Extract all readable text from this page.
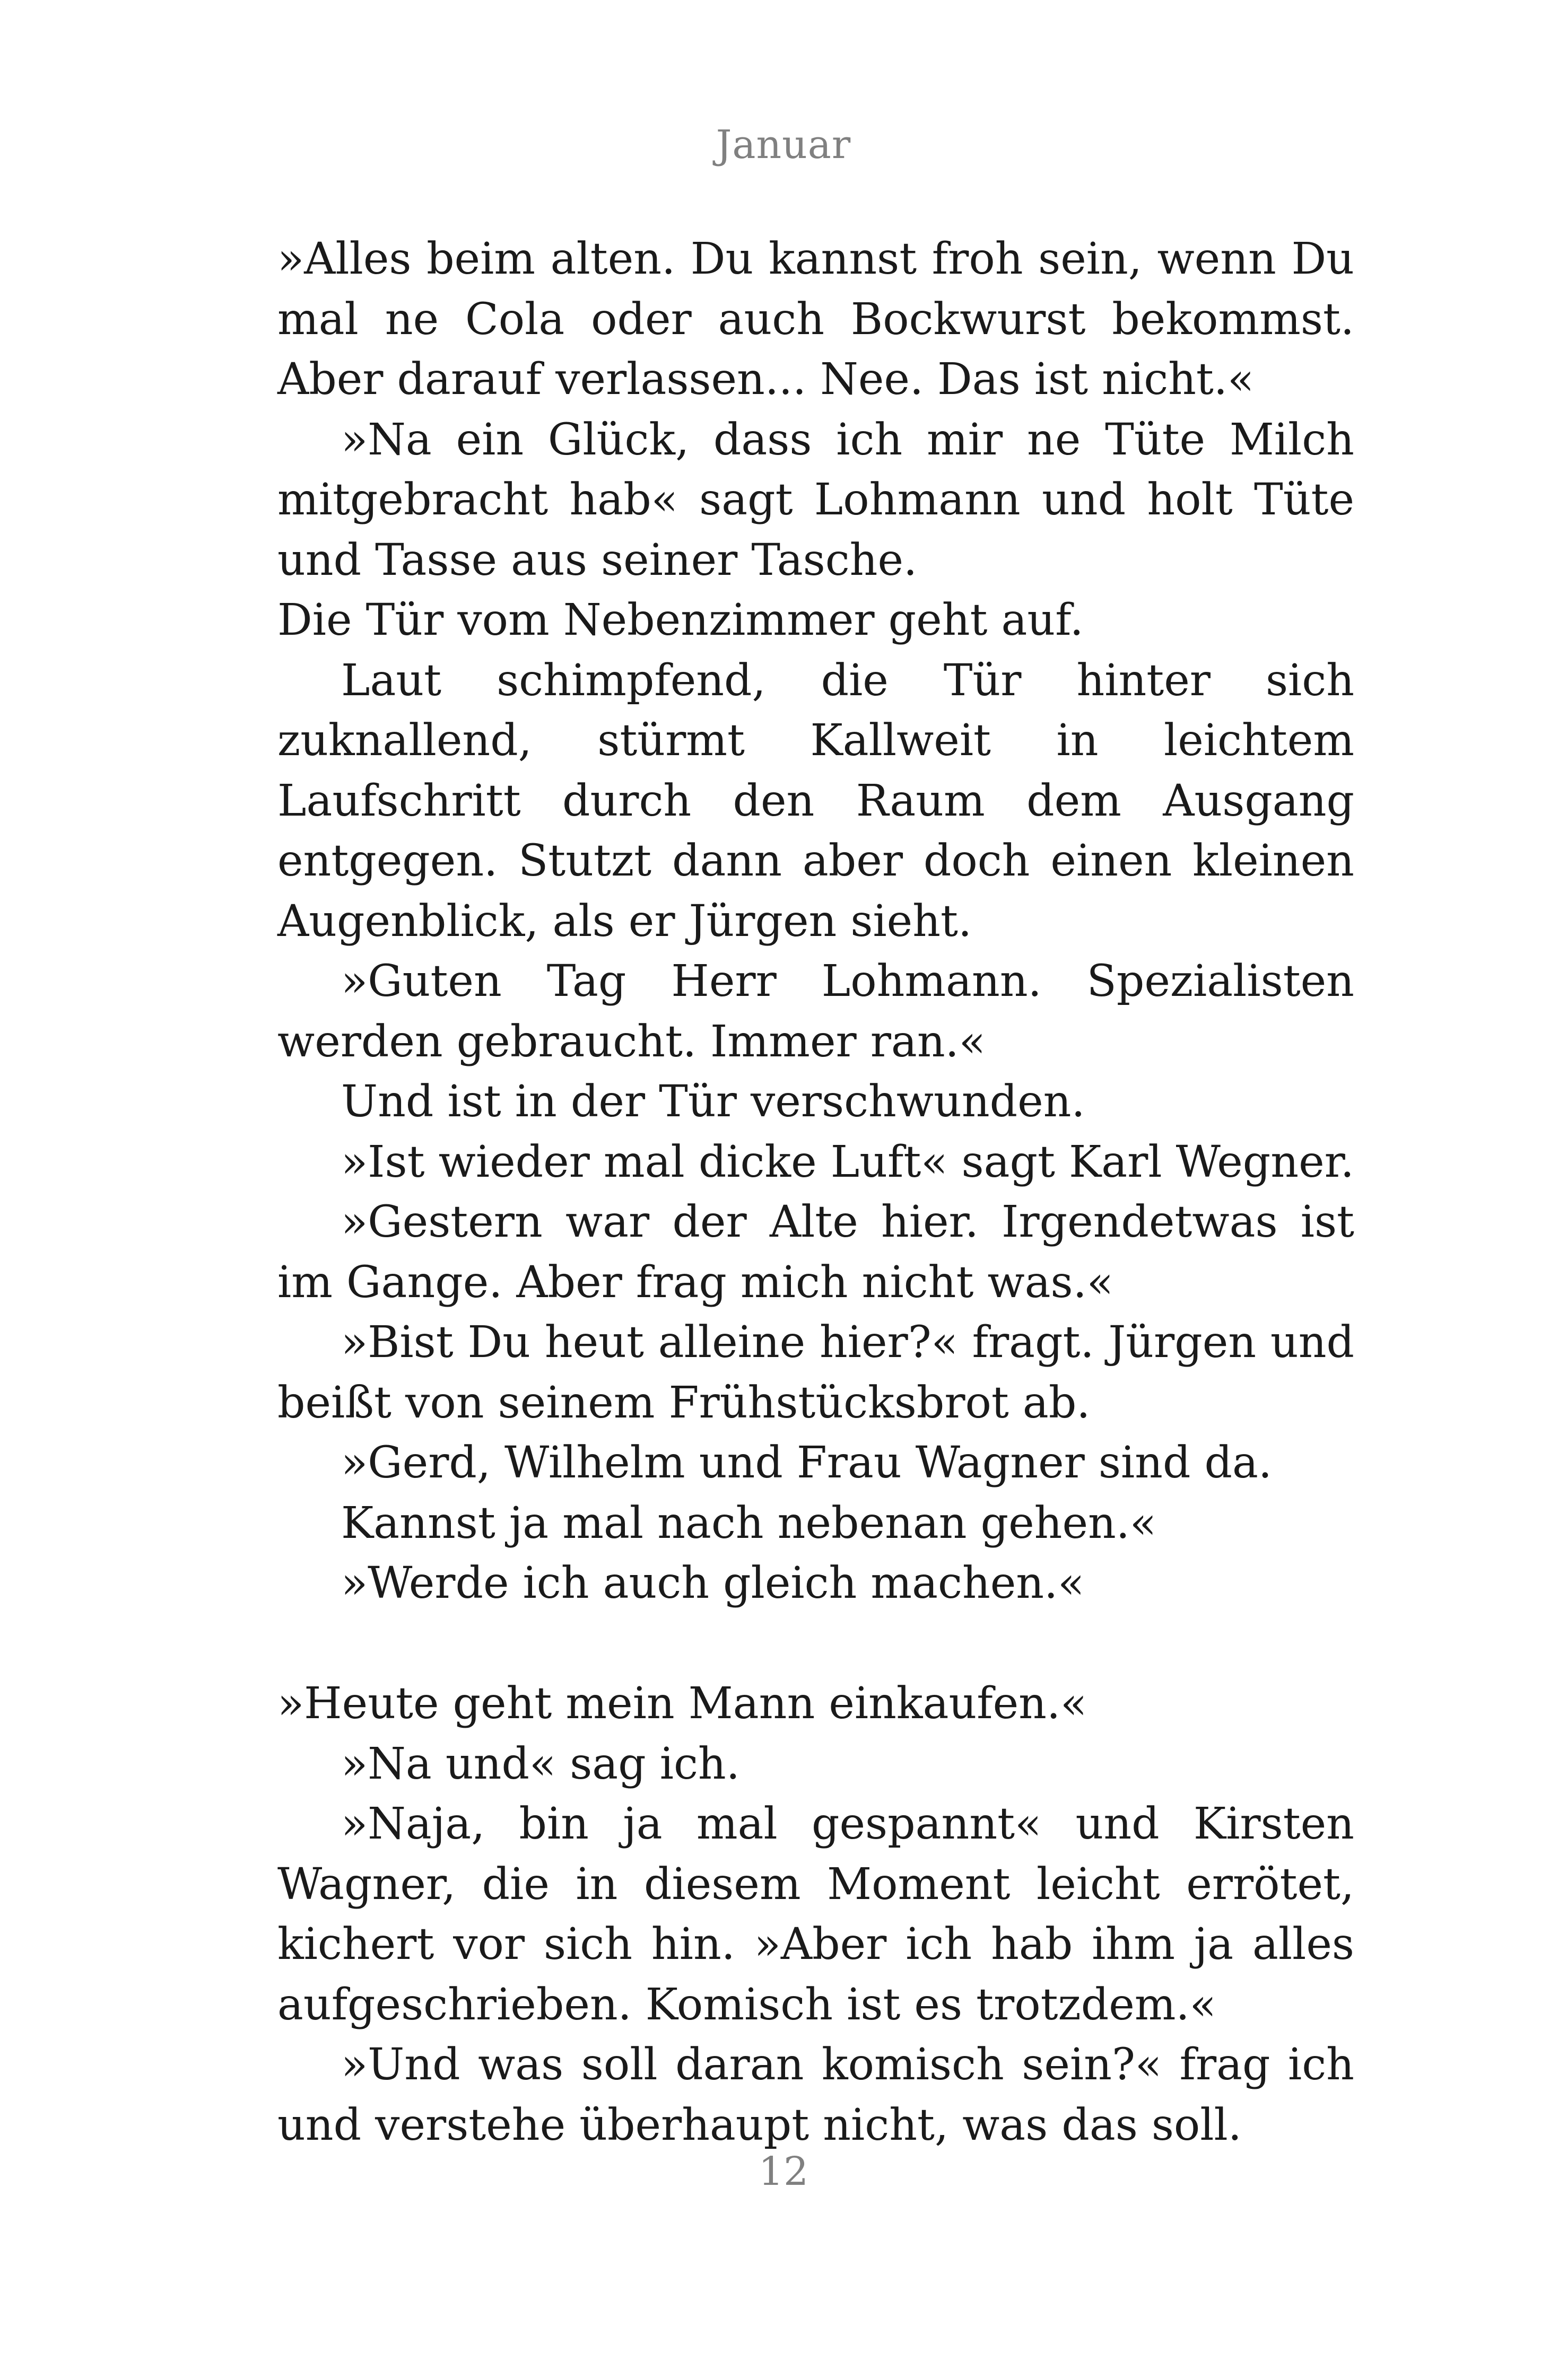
Januar

»Alles beim alten. Du kannst froh sein, wenn Du mal ne Cola oder auch Bockwurst bekommst. Aber darauf verlassen... Nee. Das ist nicht.«

»Na ein Glück, dass ich mir ne Tüte Milch mitgebracht hab« sagt Lohmann und holt Tüte und Tasse aus seiner Tasche.

Die Tür vom Nebenzimmer geht auf.

Laut schimpfend, die Tür hinter sich zuknallend, stürmt Kallweit in leichtem Laufschritt durch den Raum dem Ausgang entgegen. Stutzt dann aber doch einen kleinen Augenblick, als er Jürgen sieht.

»Guten Tag Herr Lohmann. Spezialisten werden gebraucht. Immer ran.«

Und ist in der Tür verschwunden.

»Ist wieder mal dicke Luft« sagt Karl Wegner.

»Gestern war der Alte hier. Irgendetwas ist im Gange. Aber frag mich nicht was.«

»Bist Du heut alleine hier?« fragt. Jürgen und beißt von seinem Frühstücksbrot ab.

»Gerd, Wilhelm und Frau Wagner sind da.

Kannst ja mal nach nebenan gehen.«

»Werde ich auch gleich machen.«

»Heute geht mein Mann einkaufen.«

»Na und« sag ich.

»Naja, bin ja mal gespannt« und Kirsten Wagner, die in diesem Moment leicht errötet, kichert vor sich hin. »Aber ich hab ihm ja alles aufgeschrieben. Komisch ist es trotzdem.«

»Und was soll daran komisch sein?« frag ich und verstehe überhaupt nicht, was das soll.

12
